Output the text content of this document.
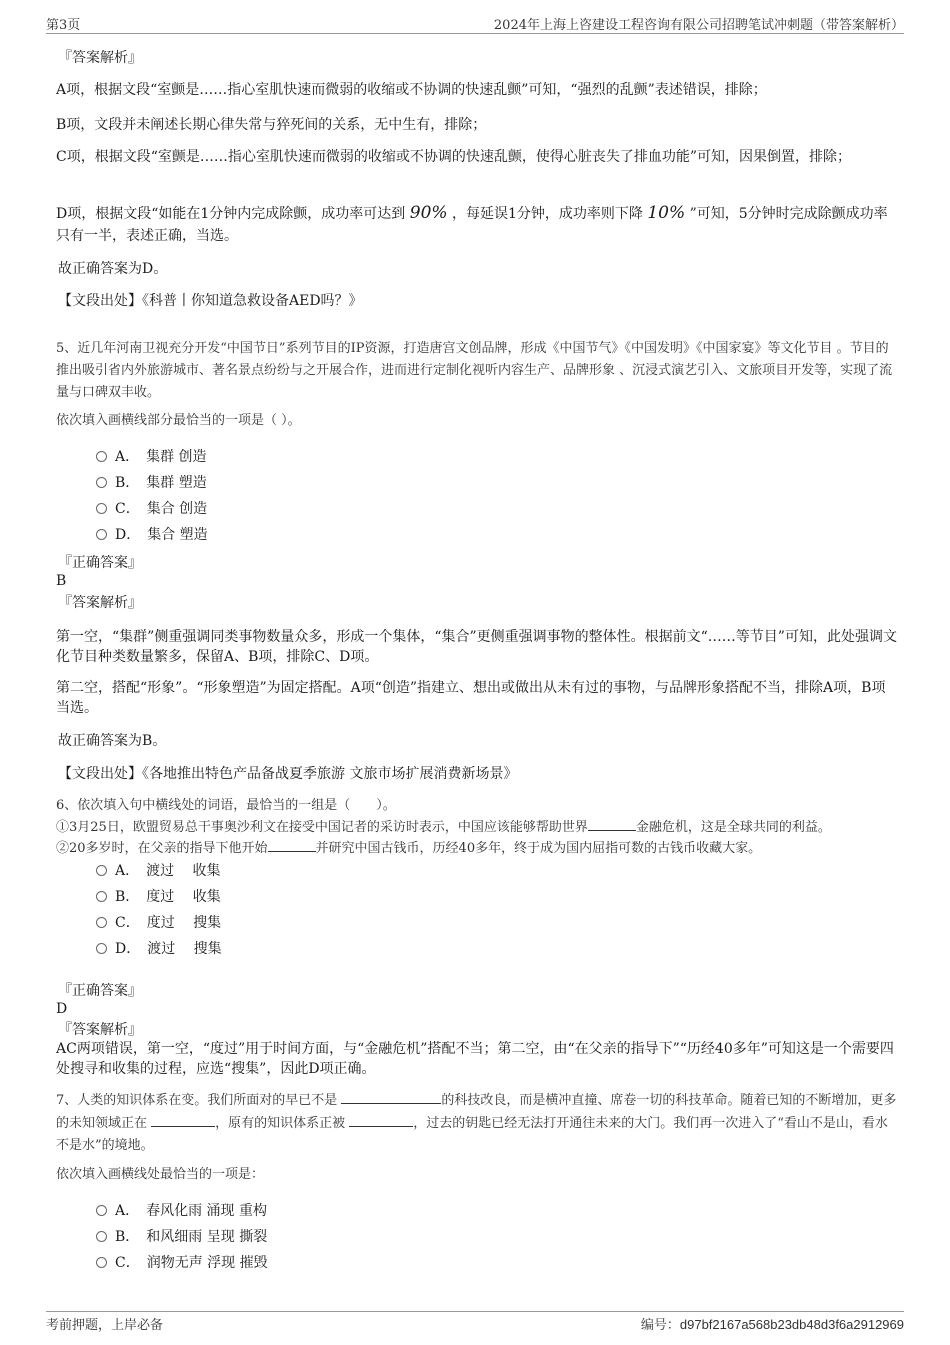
第3页	2024年上海上咨建设工程咨询有限公司招聘笔试冲刺题（带答案解析）
『答案解析』
A项，根据文段“室颤是……指心室肌快速而微弱的收缩或不协调的快速乱颤”可知，“强烈的乱颤”表述错误，排除；
B项，文段并未阐述长期心律失常与猝死间的关系，无中生有，排除；
C项，根据文段“室颤是……指心室肌快速而微弱的收缩或不协调的快速乱颤，使得心脏丧失了排血功能”可知，因果倒置，排除；
D项，根据文段“如能在1分钟内完成除颤，成功率可达到 90% ，每延误1分钟，成功率则下降 10% ”可知，5分钟时完成除颤成功率只有一半，表述正确，当选。
故正确答案为D。
【文段出处】《科普丨你知道急救设备AED吗？》
5、近几年河南卫视充分开发“中国节日”系列节目的IP资源，打造唐宫文创品牌，形成《中国节气》《中国发明》《中国家宴》等文化节目 。节目的推出吸引省内外旅游城市、著名景点纷纷与之开展合作，进而进行定制化视听内容生产、品牌形象 、沉浸式演艺引入、文旅项目开发等，实现了流量与口碑双丰收。
依次填入画横线部分最恰当的一项是（ ）。
A．　集群 创造
B．　集群 塑造
C．　集合 创造
D．　集合 塑造
『正确答案』
B
『答案解析』
第一空，“集群”侧重强调同类事物数量众多，形成一个集体，“集合”更侧重强调事物的整体性。根据前文“……等节目”可知，此处强调文化节目种类数量繁多，保留A、B项，排除C、D项。
第二空，搭配“形象”。“形象塑造”为固定搭配。A项“创造”指建立、想出或做出从未有过的事物，与品牌形象搭配不当，排除A项，B项当选。
故正确答案为B。
【文段出处】《各地推出特色产品备战夏季旅游 文旅市场扩展消费新场景》
6、依次填入句中横线处的词语，最恰当的一组是（　　）。
①3月25日，欧盟贸易总干事奥沙利文在接受中国记者的采访时表示，中国应该能够帮助世界	金融危机，这是全球共同的利益。
②20多岁时，在父亲的指导下他开始	并研究中国古钱币，历经40多年，终于成为国内屈指可数的古钱币收藏大家。
A．　渡过　 收集
B．　度过　 收集
C．　度过　 搜集
D．　渡过　 搜集
『正确答案』
D
『答案解析』
AC两项错误，第一空，“度过”用于时间方面，与“金融危机”搭配不当；第二空，由“在父亲的指导下”“历经40多年”可知这是一个需要四处搜寻和收集的过程，应选“搜集”，因此D项正确。
7、人类的知识体系在变。我们所面对的早已不是	的科技改良，而是横冲直撞、席卷一切的科技革命。随着已知的不断增加，更多的未知领域正在	，原有的知识体系正被	，过去的钥匙已经无法打开通往未来的大门。我们再一次进入了“看山不是山，看水不是水”的境地。
依次填入画横线处最恰当的一项是：
A．　春风化雨 涌现 重构
B．　和风细雨 呈现 撕裂
C．　润物无声 浮现 摧毁
考前押题，上岸必备	编号：d97bf2167a568b23db48d3f6a2912969
